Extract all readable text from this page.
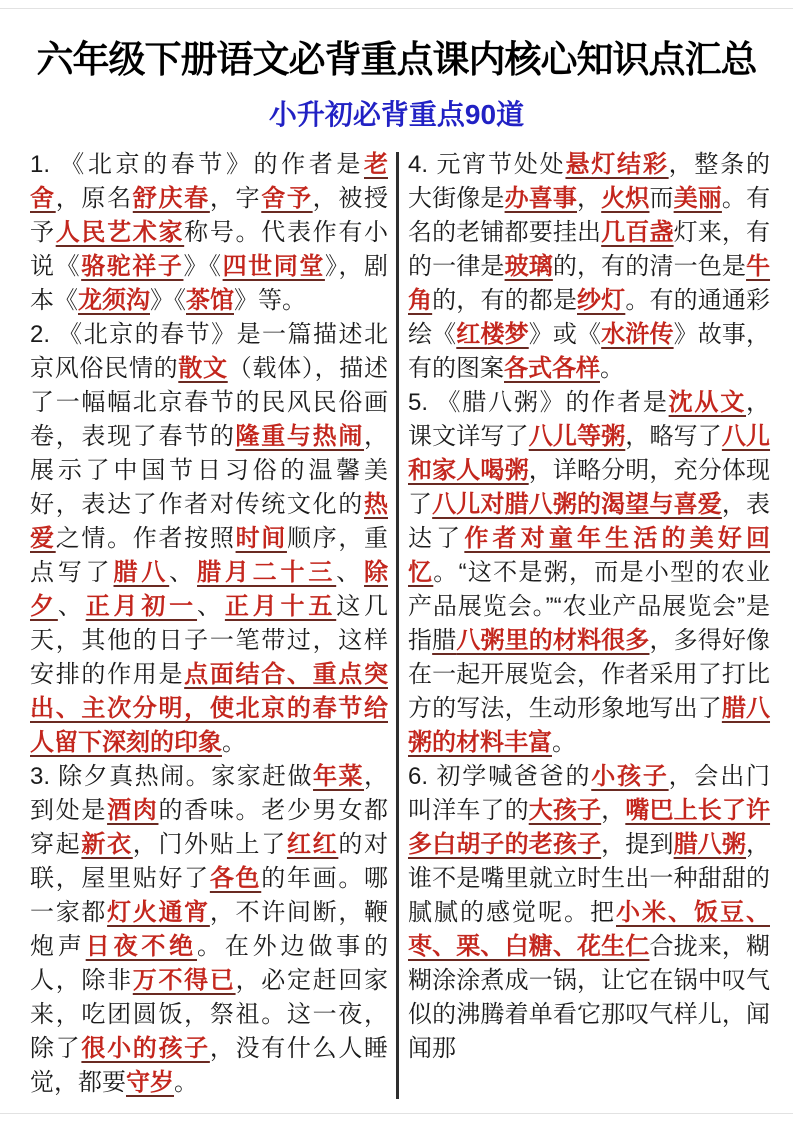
六年级下册语文必背重点课内核心知识点汇总
小升初必背重点90道

1. 《北京的春节》的作者是老舍，原名舒庆春，字舍予，被授予人民艺术家称号。代表作有小说《骆驼祥子》《四世同堂》，剧本《龙须沟》《茶馆》等。

2. 《北京的春节》是一篇描述北京风俗民情的散文（载体），描述了一幅幅北京春节的民风民俗画卷，表现了春节的隆重与热闹，展示了中国节日习俗的温馨美好，表达了作者对传统文化的热爱之情。作者按照时间顺序，重点写了腊八、腊月二十三、除夕、正月初一、正月十五这几天，其他的日子一笔带过，这样安排的作用是点面结合、重点突出、主次分明，使北京的春节给人留下深刻的印象。

3. 除夕真热闹。家家赶做年菜，到处是酒肉的香味。老少男女都穿起新衣，门外贴上了红红的对联，屋里贴好了各色的年画。哪一家都灯火通宵，不许间断，鞭炮声日夜不绝。在外边做事的人，除非万不得已，必定赶回家来，吃团圆饭，祭祖。这一夜，除了很小的孩子，没有什么人睡觉，都要守岁。

4. 元宵节处处悬灯结彩，整条的大街像是办喜事，火炽而美丽。有名的老铺都要挂出几百盏灯来，有的一律是玻璃的，有的清一色是牛角的，有的都是纱灯。有的通通彩绘《红楼梦》或《水浒传》故事，有的图案各式各样。

5. 《腊八粥》的作者是沈从文，课文详写了八儿等粥，略写了八儿和家人喝粥，详略分明，充分体现了八儿对腊八粥的渴望与喜爱，表达了作者对童年生活的美好回忆。“这不是粥，而是小型的农业产品展览会。”“农业产品展览会”是指腊八粥里的材料很多，多得好像在一起开展览会，作者采用了打比方的写法，生动形象地写出了腊八粥的材料丰富。

6. 初学喊爸爸的小孩子，会出门叫洋车了的大孩子，嘴巴上长了许多白胡子的老孩子，提到腊八粥，谁不是嘴里就立时生出一种甜甜的腻腻的感觉呢。把小米、饭豆、枣、栗、白糖、花生仁合拢来，糊糊涂涂煮成一锅，让它在锅中叹气似的沸腾着单看它那叹气样儿，闻闻那
